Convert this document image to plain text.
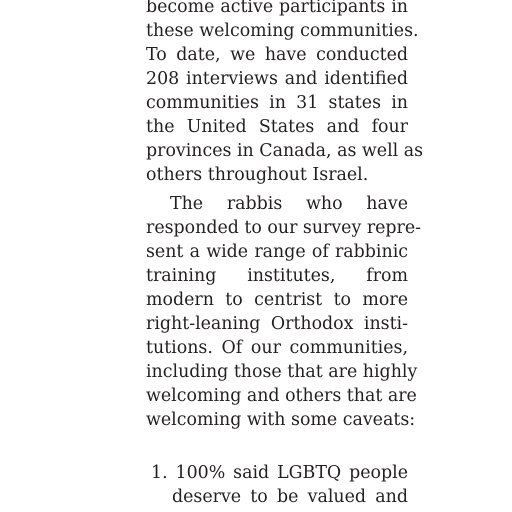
become active participants in
these welcoming communities.
To date, we have conducted
208 interviews and identified
communities in 31 states in
the United States and four
provinces in Canada, as well as
others throughout Israel.
The rabbis who have
responded to our survey repre-
sent a wide range of rabbinic
training institutes, from
modern to centrist to more
right-leaning Orthodox insti-
tutions. Of our communities,
including those that are highly
welcoming and others that are
welcoming with some caveats:
1. 100% said LGBTQ people
deserve to be valued and
